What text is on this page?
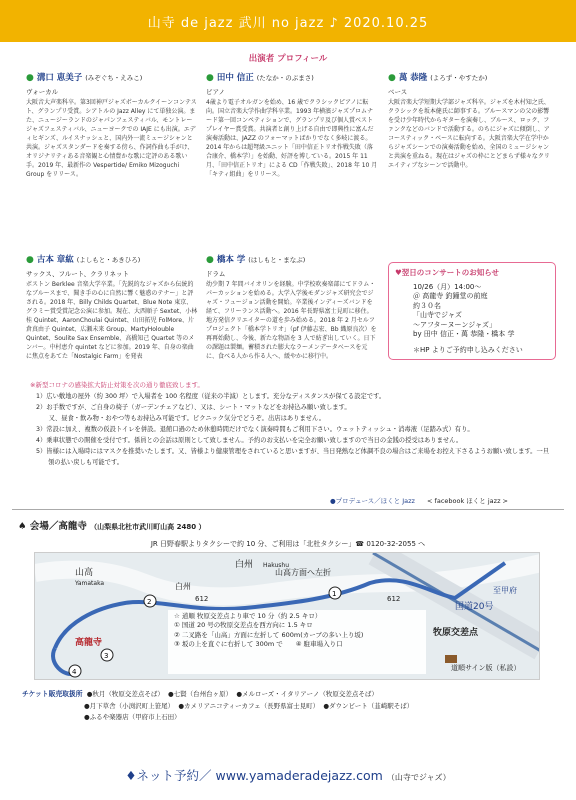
山寺 de jazz 武川 no jazz ♪ 2020.10.25
出演者 プロフィール
● 溝口 恵美子 (みぞぐち・えみこ)
ヴォーカル

大阪音大声楽科卒。第3回神戸ジャズボーカルクイーンコンテスト、グランプリ受賞。シアトルの Jazz Alley にて単独公演。また、ニュージーランドのジャパンフェスティバル、モントレージャズフェスティバル、ニューヨークでの IAJE にも出演。エディヒギンズ、ルイスナッシュと、国内外一流ミュージシャンと共演。ジャズスタンダードを奏する傍ら、作詞作曲も手がけ、オリジナリティある音楽観と心情豊かな歌に定評のある歌い手。2019 年、最新作の Vespertide/ Emiko Mizoguchi Group をリリース。

● 田中 信正 (たなか・のぶまさ)
ピアノ

4歳より電子オルガンを始め、16 歳でクラシックピアノに転向。国立音楽大学作曲学科卒業。1993 年横濱ジャズプロムナード第一回コンペティションで、グランプリ及び個人賞ベストプレイヤー賞受賞。共演者と創り上げる自由で即興性に富んだ演奏活動は、JAZZ のフォーマットばかりでなく多岐に渡る。2014 年からは超弩級ユニット「田中信正トリオ作戦失敗（落合康介、橋本学）」を始動、好評を博している。2015 年 11 月、「田中信正トリオ」による CD「作戦失敗」、2018 年 10 月「キティ組曲」をリリース。

● 萬 恭隆 (よろず・やすたか)
ベース

大阪音楽大学短期大学部ジャズ科卒。ジャズを木村知之氏、クラシックを坂本健氏に師事する。ブルースマンの父の影響を受け少年時代からギターを演奏し、ブルース、ロック、ファンクなどのバンドで活動する。のちにジャズに傾倒し、アコースティック・ベースに転向する。大阪音楽大学在学中からジャズシーンでの演奏活動を始め、全国のミュージシャンと共演を重ねる。現在はジャズの枠にとどまらず様々なクリエイティブなシーンで活動中。

● 古本 章紘 (よしもと・あきひろ)
サックス、フルート、クラリネット

ボストン Berklee 音楽大学卒業。「先鋭的なジャズから伝統的なブルースまで、聞き手の心に自然に響く魅惑のテナー」と評される。2018 年、Billy Childs Quartet、Blue Note 東京、グラミー賞受賞記念公演に参加。現在、大西順子 Sextet、小林桂 Quintet、AaronChoulai Quintet、山田拓児 FolMore、片倉真由子 Quintet、広瀬未来 Group、MartyHolouble Quintet、Soulite Sax Ensemble、高橋知己 Quartet 等のメンバー。中村恵介 quintet などに参加。2019 年、自身の楽曲に焦点をあてた「Nostalgic Farm」を発表

● 橋本 学 (はしもと・まなぶ)
ドラム

幼少期 7 年間バイオリンを経験。中学校吹奏楽部にてドラム・パーカッションを始める。大学入学後モダンジャズ研究会でジャズ・フュージョン活動を開始。卒業後インディーズバンドを経て、フリーランス活動へ。2016 年長野県富士見町に移住。地方発信クリエイターの道を歩み始める。2018 年 2 月セルフプロジェクト「橋本学トリオ」（pf 伊藤志宏、Bb 織原良次）を再再始動し、今後、新たな物語を 3 人で紡ぎ出していく。日下の課題は製麺。蓄積された膨大なラーメンデータベースを元に、食べる人から作る人へ、緩やかに移行中。

♥翌日のコンサートのお知らせ
10/26（月）14:00～
＠ 高龍寺 釣鐘堂の前庭
約３０名
「山寺でジャズ
～アフターヌーンジャズ」
by 田中 信正・萬 恭隆・橋本 学
＊HP よりご予約申し込みください
※新型コロナの感染拡大防止対策を次の通り徹底致します。
1）広い敷地の屋外（約 300 坪）で入場者を 100 名程度（従来の半減）とします。充分なディスタンスが保てる設定です。
2）お手数ですが、ご自身の椅子（ガーデンチェアなど）、又は、シート・マットなどをお持込み願い致します。
　　又、昼食・飲み物・おやつ等もお持込み可能です。ピクニック気分でどうぞ。出店はありません。
3）常設に加え、複数の仮設トイレを併設。退館口過のため休憩時間だけでなく演奏時間もご利用下さい。ウェットティッシュ・消毒液（足踏み式）有り。
4）乗車状態での開催を受付です。係員との会話は原則として致しません。予約のお支払いを完全お願い致しますので当日の金銭の授受はありません。
5）皆様には入場時にはマスクを推奨いたします。又、皆様より健康管理をされていると思いますが、当日発熱など体調不良の場合はご来場をお控え下さるようお願い致します。一旦領の払い戻しも可能です。
●プロデュース／ほくと Jazz < facebook ほくと jazz >
♠ 会場／高龍寺 （山梨県北杜市武川町山高 2480 ）
JR 日野春駅よりタクシーで約 10 分、ご利用は「北杜タクシー」☎ 0120-32-2055 へ
山高方面へ左折
白州 Hakushu
山高
Yamataka	白州
高龍寺
牧原交差点
国道20号
至甲府
道順サイン版（私設）
612	612
2
4
1
3
☆ 道順 牧原交差点より車で 10 分（約 2.5 キロ）
① 国道 20 号の牧原交差点を西方向に 1.5 キロ
② 二叉路を「山高」方面に左折して 600m(カーブの多い上り坂)
③ 坂の上を直ぐに右折して 300m で　　④ 駐車場入り口
チケット販売取扱所 ●秋月（牧原交差点そば） ●七賢（台州台ヶ原） ●メルローズ・イタリアーノ（牧原交差点そば）
●月下草舎（小渕沢町上笹尾） ●カメリアニコティーカフェ（長野県富士見町） ●ダウンビート（韮崎駅そば）
●ふるや楽器店（甲府市上石田）
♦ネット予約／ www.yamaderadejazz.com （山寺でジャズ）
